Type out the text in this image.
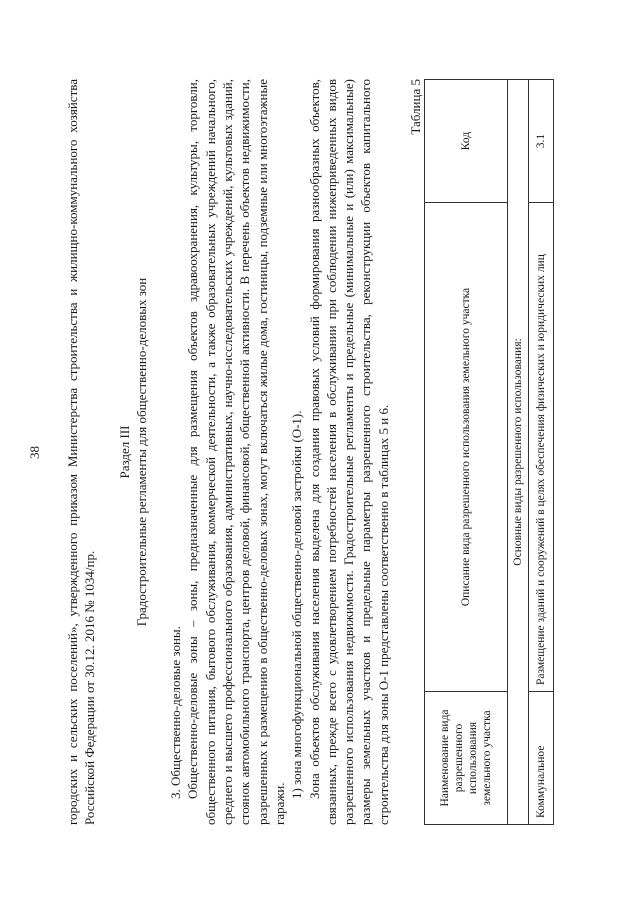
38 городских и сельских поселений», утвержденного приказом Министерства строительства и жилищно-коммунального хозяйства Российской Федерации от 30.12. 2016 № 1034/пр.

Раздел III Градостроительные регламенты для общественно-деловых зон

3. Общественно-деловые зоны. Общественно-деловые зоны – зоны, предназначенные для размещения объектов здравоохранения, культуры, торговли, общественного питания, бытового обслуживания, коммерческой деятельности, а также образовательных учреждений начального, среднего и высшего профессионального образования, административных, научно-исследовательских учреждений, культовых зданий, стоянок автомобильного транспорта, центров деловой, финансовой, общественной активности. В перечень объектов недвижимости, разрешенных к размещению в общественно-деловых зонах, могут включаться жилые дома, гостиницы, подземные или многоэтажные гаражи.

1) зона многофункциональной общественно-деловой застройки (О-1). Зона объектов обслуживания населения выделена для создания правовых условий формирования разнообразных объектов, связанных, прежде всего с удовлетворением потребностей населения в обслуживании при соблюдении нижеприведенных видов разрешенного использования недвижимости. Градостроительные регламенты и предельные (минимальные и (или) максимальные) размеры земельных участков и предельные параметры разрешенного строительства, реконструкции объектов капитального строительства для зоны О-1 представлены соответственно в таблицах 5 и 6.

Таблица 5
Наименование вида разрешенного использования земельного участка	Описание вида разрешенного использования земельного участка	Код
Основные виды разрешенного использования:		
Коммунальное	Размещение зданий и сооружений в целях обеспечения физических и юридических лиц	3.1
